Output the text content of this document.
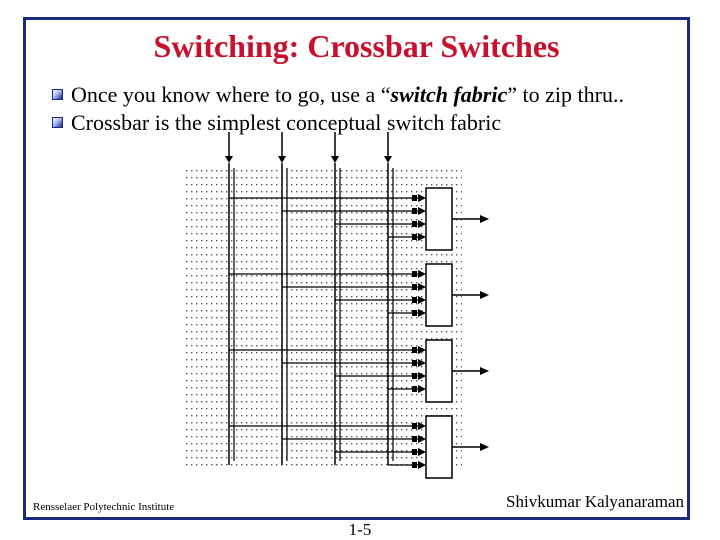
Switching: Crossbar Switches
Once you know where to go, use a “switch fabric” to zip thru..
Crossbar is the simplest conceptual switch fabric
Rensselaer Polytechnic Institute	Shivkumar Kalyanaraman
1-5
